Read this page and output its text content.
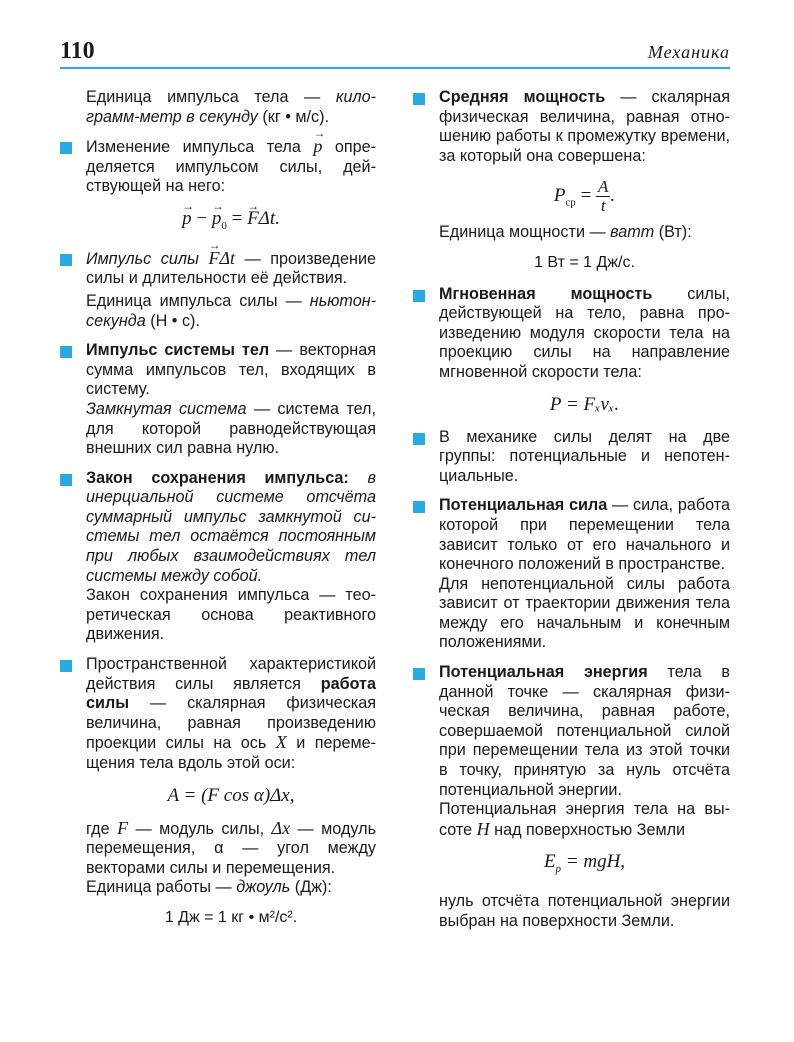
110	Механика

Единица импульса тела — килограмм-метр в секунду (кг • м/с).

Изменение импульса тела → p определяется импульсом силы, действующей на него:

→ p − → $p_0$ = → FΔt.

Импульс силы → FΔt — произведение силы и длительности её действия.

Единица импульса силы — ньютон-секунда (Н • с).

Импульс системы тел — векторная сумма импульсов тел, входящих в систему.

Замкнутая система — система тел, для которой равнодействующая внешних сил равна нулю.

Закон сохранения импульса: в инерциальной системе отсчёта суммарный импульс замкнутой системы тел остаётся постоянным при любых взаимодействиях тел системы между собой.

Закон сохранения импульса — теоретическая основа реактивного движения.

Пространственной характеристикой действия силы является работа силы — скалярная физическая величина, равная произведению проекции силы на ось X и перемещения тела вдоль этой оси:

A = (F cos α)Δx,

где F — модуль силы, Δx — модуль перемещения, α — угол между векторами силы и перемещения.

Единица работы — джоуль (Дж):

1 Дж = 1 кг • м²/с².

Средняя мощность — скалярная физическая величина, равная отношению работы к промежутку времени, за который она совершена:

$P_{ср} = \frac{A}{t}$ .

Единица мощности — ватт (Вт):

1 Вт = 1 Дж/с.

Мгновенная мощность силы, действующей на тело, равна произведению модуля скорости тела на проекцию силы на направление мгновенной скорости тела:

P = Fₓvₓ.

В механике силы делят на две группы: потенциальные и непотенциальные.

Потенциальная сила — сила, работа которой при перемещении тела зависит только от его начального и конечного положений в пространстве.

Для непотенциальной силы работа зависит от траектории движения тела между его начальным и конечным положениями.

Потенциальная энергия тела в данной точке — скалярная физическая величина, равная работе, совершаемой потенциальной силой при перемещении тела из этой точки в точку, принятую за нуль отсчёта потенциальной энергии.

Потенциальная энергия тела на высоте H над поверхностью Земли

$E_p$ = mgH,

нуль отсчёта потенциальной энергии выбран на поверхности Земли.
